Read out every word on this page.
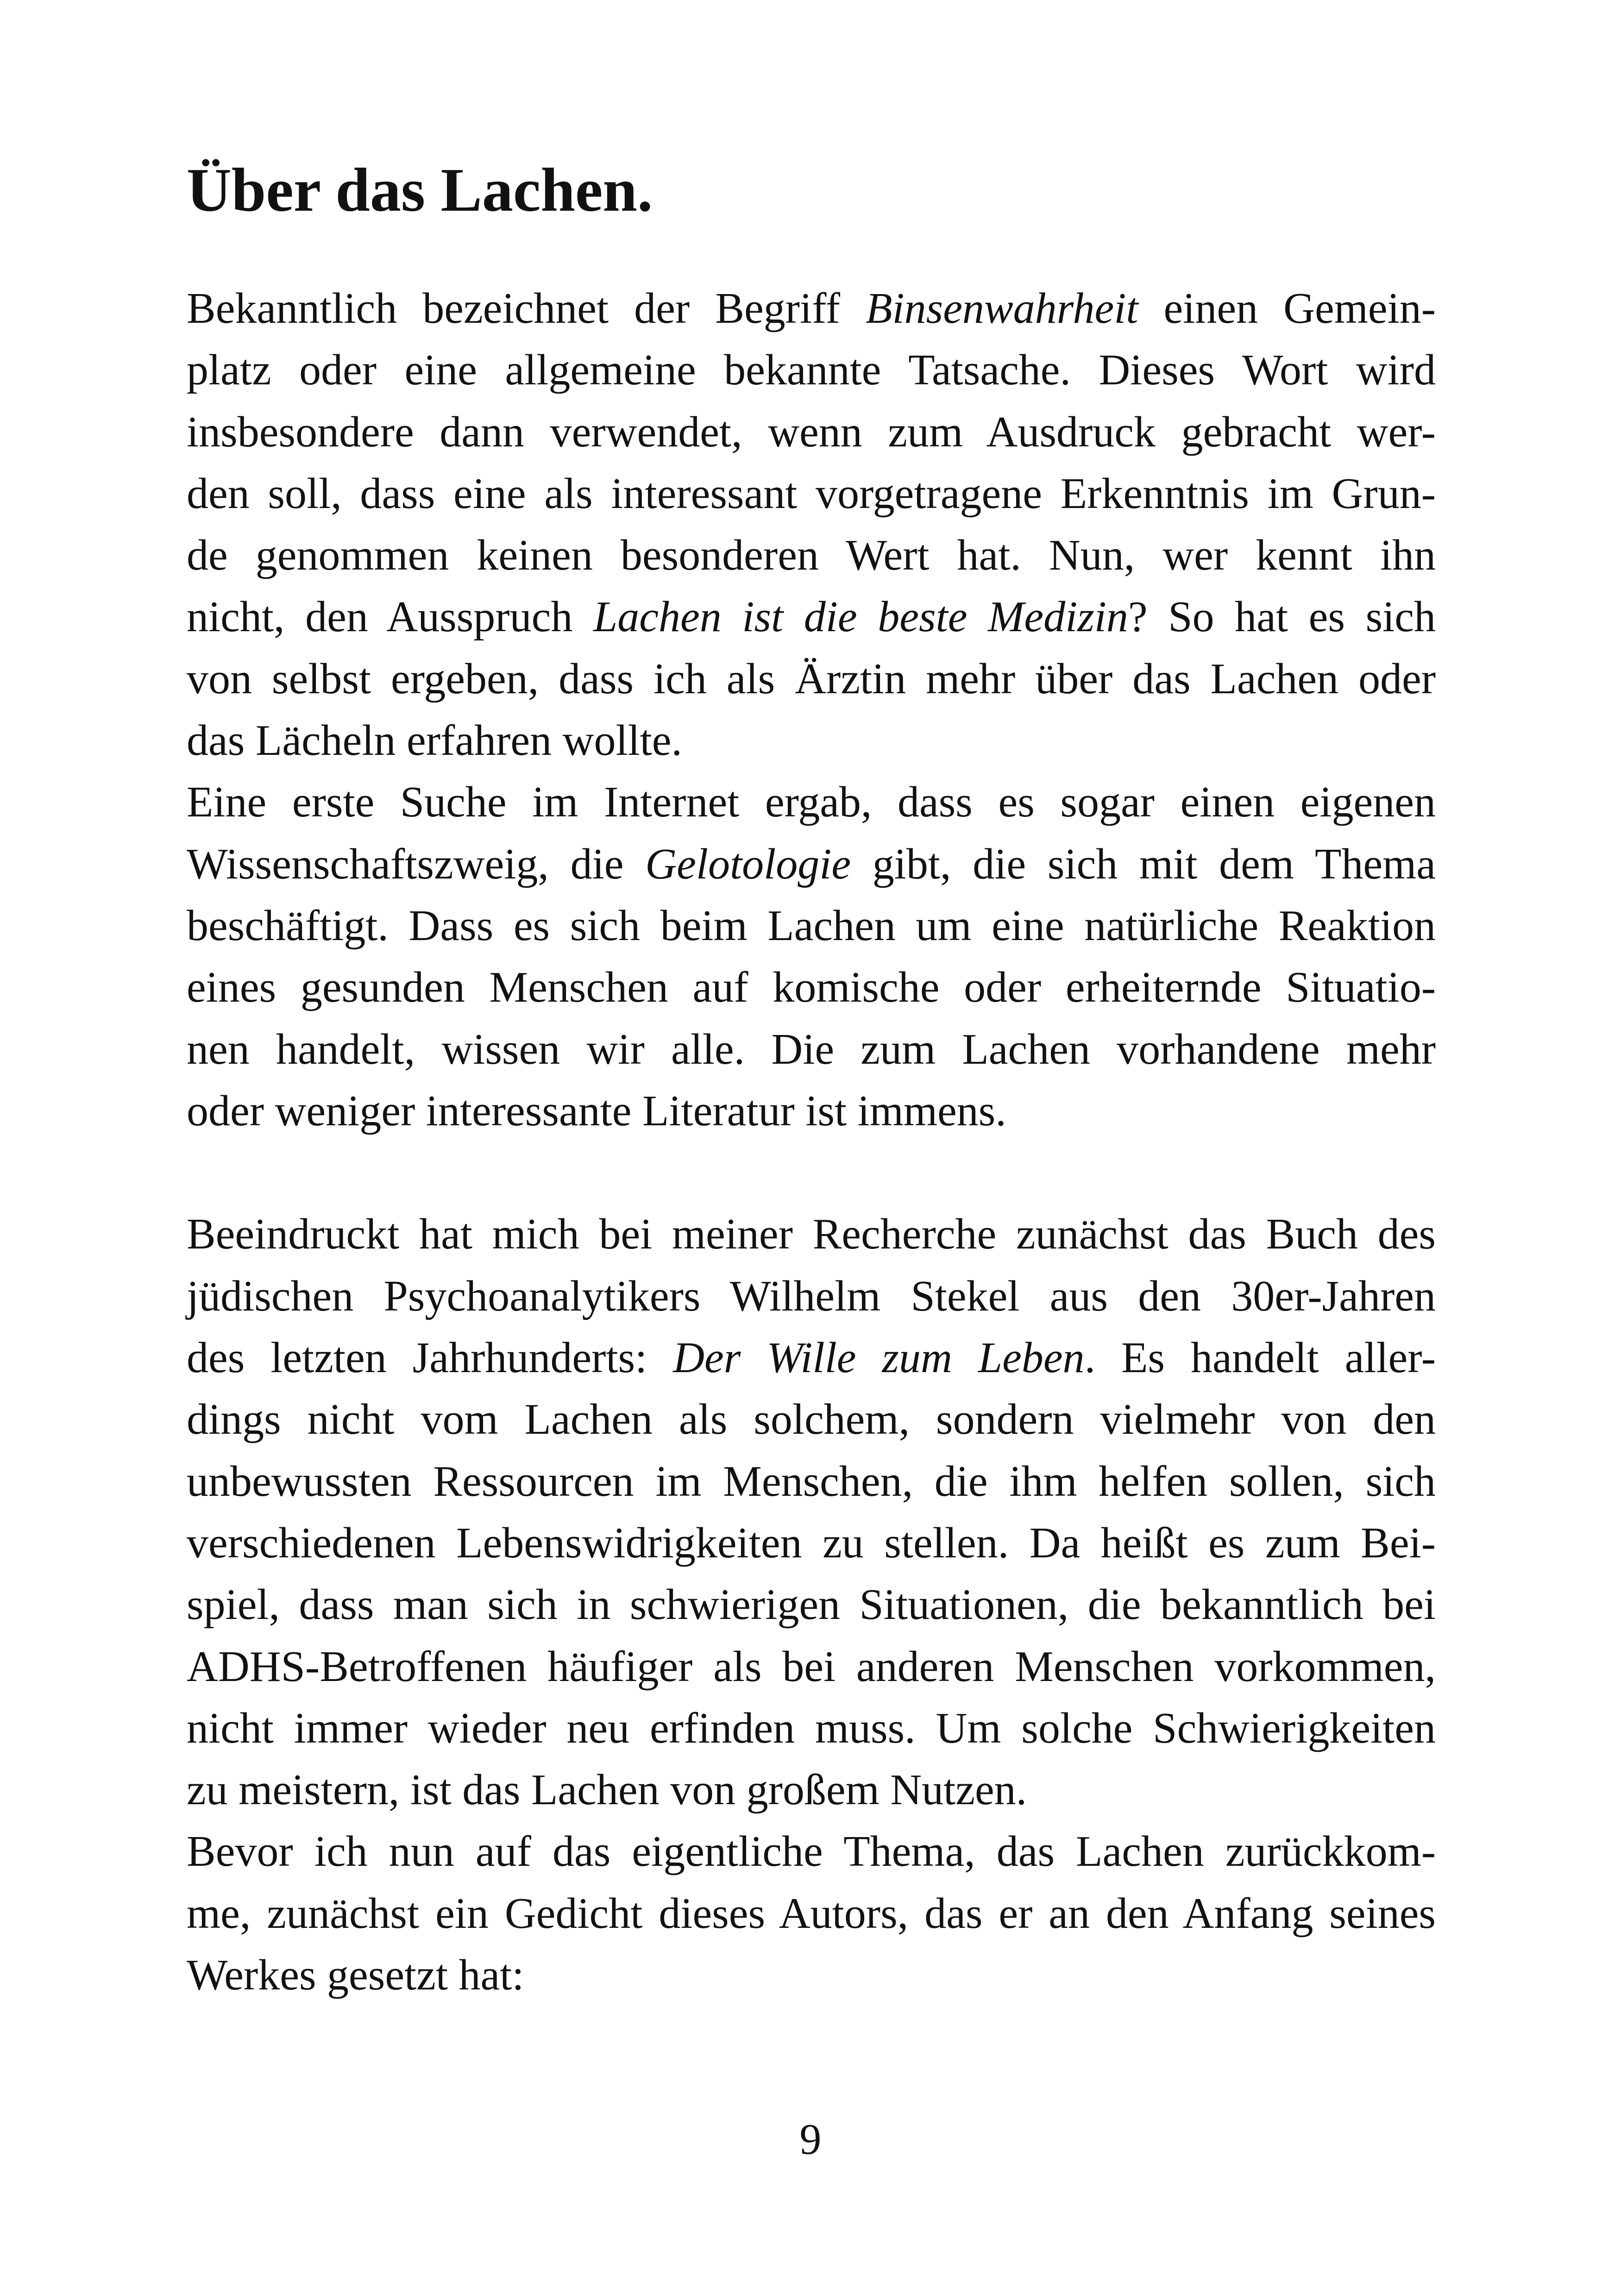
Über das Lachen.
Bekanntlich bezeichnet der Begriff Binsenwahrheit einen Gemein-
platz oder eine allgemeine bekannte Tatsache. Dieses Wort wird
insbesondere dann verwendet, wenn zum Ausdruck gebracht wer-
den soll, dass eine als interessant vorgetragene Erkenntnis im Grun-
de genommen keinen besonderen Wert hat. Nun, wer kennt ihn
nicht, den Ausspruch Lachen ist die beste Medizin? So hat es sich
von selbst ergeben, dass ich als Ärztin mehr über das Lachen oder
das Lächeln erfahren wollte.
Eine erste Suche im Internet ergab, dass es sogar einen eigenen
Wissenschaftszweig, die Gelotologie gibt, die sich mit dem Thema
beschäftigt. Dass es sich beim Lachen um eine natürliche Reaktion
eines gesunden Menschen auf komische oder erheiternde Situatio-
nen handelt, wissen wir alle. Die zum Lachen vorhandene mehr
oder weniger interessante Literatur ist immens.
Beeindruckt hat mich bei meiner Recherche zunächst das Buch des
jüdischen Psychoanalytikers Wilhelm Stekel aus den 30er-Jahren
des letzten Jahrhunderts: Der Wille zum Leben. Es handelt aller-
dings nicht vom Lachen als solchem, sondern vielmehr von den
unbewussten Ressourcen im Menschen, die ihm helfen sollen, sich
verschiedenen Lebenswidrigkeiten zu stellen. Da heißt es zum Bei-
spiel, dass man sich in schwierigen Situationen, die bekanntlich bei
ADHS-Betroffenen häufiger als bei anderen Menschen vorkommen,
nicht immer wieder neu erfinden muss. Um solche Schwierigkeiten
zu meistern, ist das Lachen von großem Nutzen.
Bevor ich nun auf das eigentliche Thema, das Lachen zurückkom-
me, zunächst ein Gedicht dieses Autors, das er an den Anfang seines
Werkes gesetzt hat:
9
